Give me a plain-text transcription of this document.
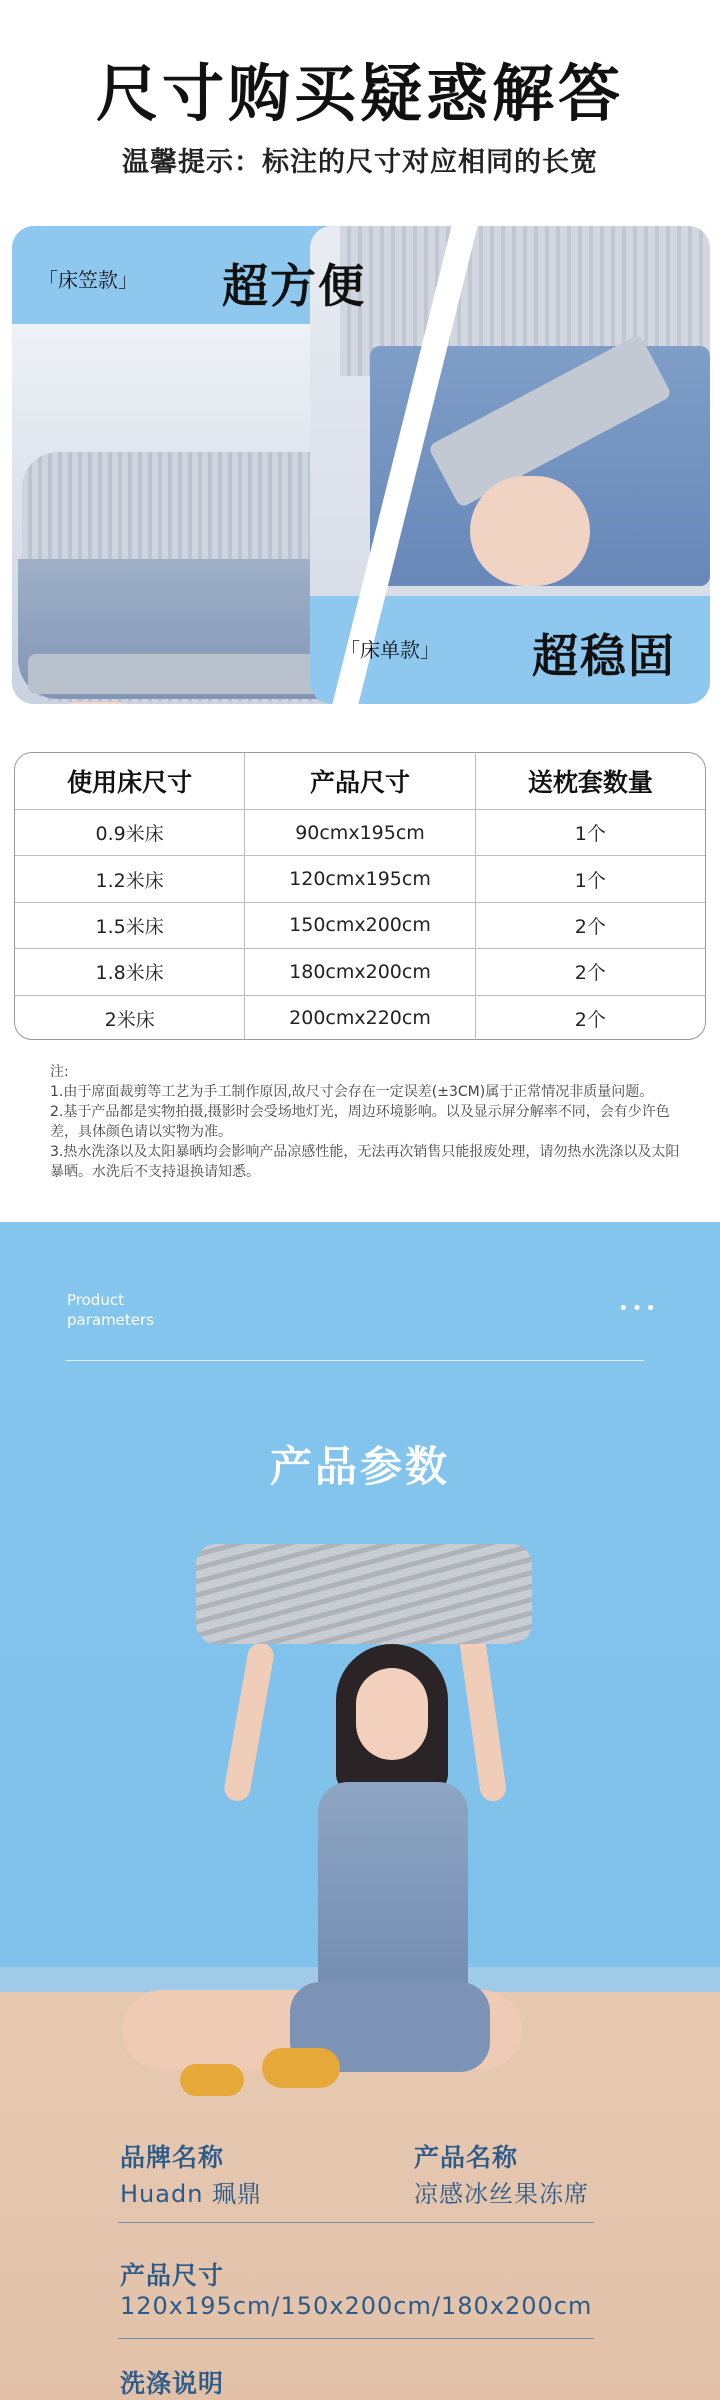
尺寸购买疑惑解答
温馨提示：标注的尺寸对应相同的长宽
「床笠款」 超方便
「床单款」 超稳固
使用床尺寸	产品尺寸	送枕套数量
0.9米床	90cmx195cm	1个
1.2米床	120cmx195cm	1个
1.5米床	150cmx200cm	2个
1.8米床	180cmx200cm	2个
2米床	200cmx220cm	2个

注:

1.由于席面裁剪等工艺为手工制作原因,故尺寸会存在一定误差(±3CM)属于正常情况非质量问题。

2.基于产品都是实物拍摄,摄影时会受场地灯光，周边环境影响。以及显示屏分解率不同，会有少许色差，具体颜色请以实物为准。

3.热水洗涤以及太阳暴晒均会影响产品凉感性能，无法再次销售只能报废处理，请勿热水洗涤以及太阳暴晒。水洗后不支持退换请知悉。

Product
parameters
•••
产品参数
品牌名称
Huadn 珮鼎
产品名称
凉感冰丝果冻席
产品尺寸
120x195cm/150x200cm/180x200cm
洗涤说明
